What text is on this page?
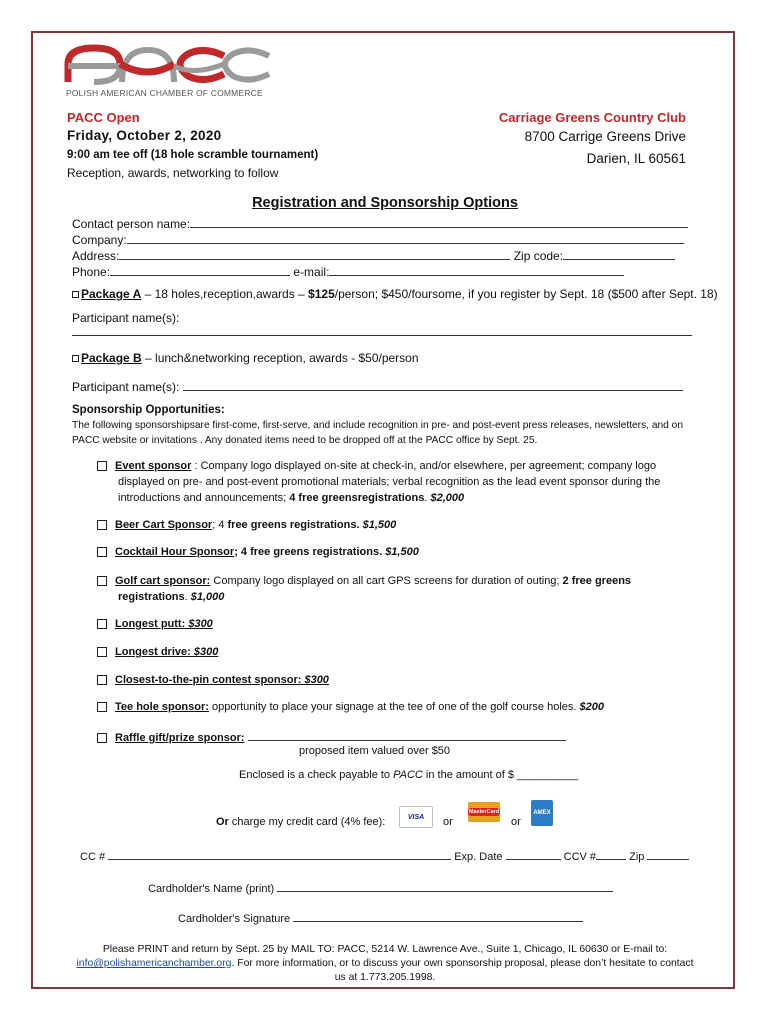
POLISH AMERICAN CHAMBER OF COMMERCE
PACC Open
Friday, October 2, 2020
9:00 am tee off (18 hole scramble tournament)
Reception, awards, networking to follow
Carriage Greens Country Club
8700 Carrige Greens Drive
Darien, IL 60561
Registration and Sponsorship Options
Contact person name:
Company:
Address:	Zip code:
Phone:	e-mail:
Package A – 18 holes,reception,awards – $125/person; $450/foursome, if you register by Sept. 18 ($500 after Sept. 18)
Participant name(s):
Package B – lunch&networking reception, awards - $50/person
Participant name(s):
Sponsorship Opportunities:
The following sponsorshipsare first-come, first-serve, and include recognition in pre- and post-event press releases, newsletters, and on
PACC website or invitations . Any donated items need to be dropped off at the PACC office by Sept. 25.
Event sponsor : Company logo displayed on-site at check-in, and/or elsewhere, per agreement; company logo
displayed on pre- and post-event promotional materials; verbal recognition as the lead event sponsor during the
introductions and announcements; 4 free greensregistrations. $2,000
Beer Cart Sponsor; 4 free greens registrations. $1,500
Cocktail Hour Sponsor; 4 free greens registrations. $1,500
Golf cart sponsor: Company logo displayed on all cart GPS screens for duration of outing; 2 free greens
registrations. $1,000
Longest putt: $300
Longest drive: $300
Closest-to-the-pin contest sponsor: $300
Tee hole sponsor: opportunity to place your signage at the tee of one of the golf course holes. $200
Raffle gift/prize sponsor:
proposed item valued over $50
Enclosed is a check payable to PACC in the amount of $ __________
Or charge my credit card (4% fee):	VISA or
MasterCard
or
AMEX
CC #	Exp. Date	CCV #	Zip
Cardholder's Name (print)
Cardholder's Signature
Please PRINT and return by Sept. 25 by MAIL TO: PACC, 5214 W. Lawrence Ave., Suite 1, Chicago, IL 60630 or E-mail to:
info@polishamericanchamber.org. For more information, or to discuss your own sponsorship proposal, please don’t hesitate to contact
us at 1.773.205.1998.
